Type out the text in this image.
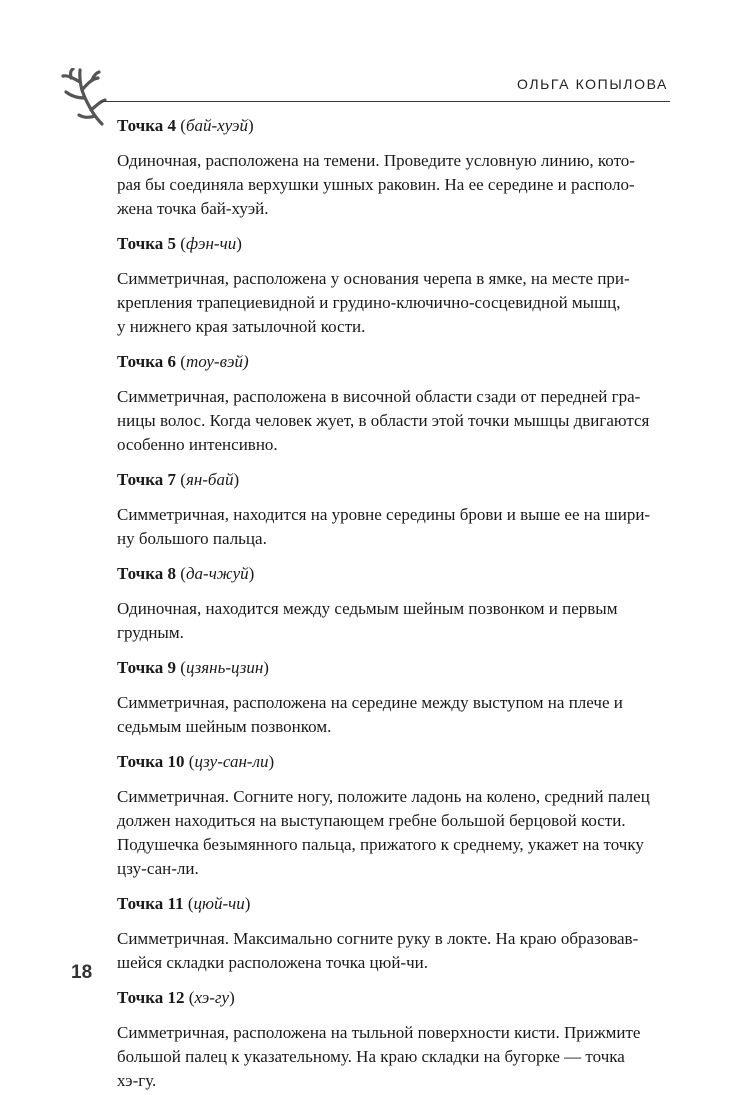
ОЛЬГА КОПЫЛОВА

Точка 4 (бай-хуэй)

Одиночная, расположена на темени. Проведите условную линию, кото-
рая бы соединяла верхушки ушных раковин. На ее середине и располо-
жена точка бай-хуэй.

Точка 5 (фэн-чи)

Симметричная, расположена у основания черепа в ямке, на месте при-
крепления трапециевидной и грудино-ключично-сосцевидной мышц,
у нижнего края затылочной кости.

Точка 6 (тоу-вэй)

Симметричная, расположена в височной области сзади от передней гра-
ницы волос. Когда человек жует, в области этой точки мышцы двигаются
особенно интенсивно.

Точка 7 (ян-бай)

Симметричная, находится на уровне середины брови и выше ее на шири-
ну большого пальца.

Точка 8 (да-чжуй)

Одиночная, находится между седьмым шейным позвонком и первым
грудным.

Точка 9 (цзянь-цзин)

Симметричная, расположена на середине между выступом на плече и
седьмым шейным позвонком.

Точка 10 (цзу-сан-ли)

Симметричная. Согните ногу, положите ладонь на колено, средний палец
должен находиться на выступающем гребне большой берцовой кости.
Подушечка безымянного пальца, прижатого к среднему, укажет на точку
цзу-сан-ли.

Точка 11 (цюй-чи)

Симметричная. Максимально согните руку в локте. На краю образовав-
шейся складки расположена точка цюй-чи.

Точка 12 (хэ-гу)

Симметричная, расположена на тыльной поверхности кисти. Прижмите
большой палец к указательному. На краю складки на бугорке — точка
хэ-гу.

18
